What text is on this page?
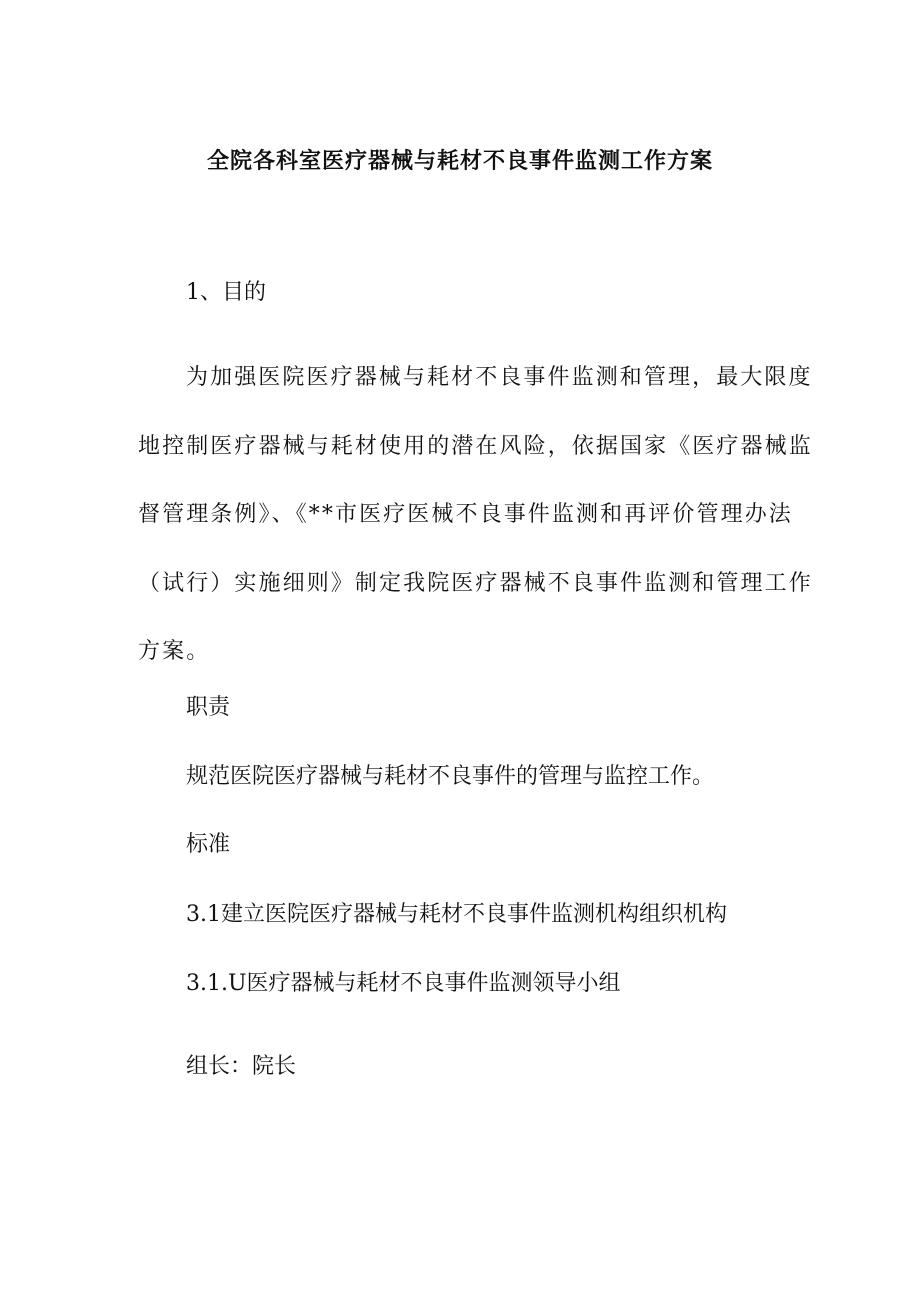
全院各科室医疗器械与耗材不良事件监测工作方案
1、目的
为加强医院医疗器械与耗材不良事件监测和管理，最大限度
地控制医疗器械与耗材使用的潜在风险，依据国家《医疗器械监
督管理条例》、《**市医疗医械不良事件监测和再评价管理办法
（试行）实施细则》制定我院医疗器械不良事件监测和管理工作
方案。
职责
规范医院医疗器械与耗材不良事件的管理与监控工作。
标准
3.1建立医院医疗器械与耗材不良事件监测机构组织机构
3.1.U医疗器械与耗材不良事件监测领导小组
组长：院长
